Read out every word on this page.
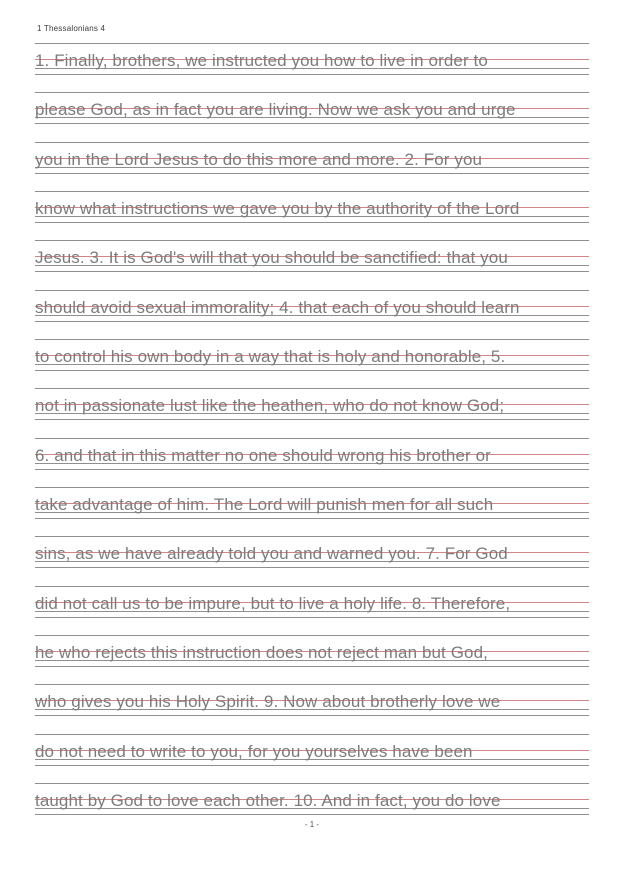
1 Thessalonians 4
1. Finally, brothers, we instructed you how to live in order to
please God, as in fact you are living. Now we ask you and urge
you in the Lord Jesus to do this more and more. 2. For you
know what instructions we gave you by the authority of the Lord
Jesus. 3. It is God's will that you should be sanctified: that you
should avoid sexual immorality; 4. that each of you should learn
to control his own body in a way that is holy and honorable, 5.
not in passionate lust like the heathen, who do not know God;
6. and that in this matter no one should wrong his brother or
take advantage of him. The Lord will punish men for all such
sins, as we have already told you and warned you. 7. For God
did not call us to be impure, but to live a holy life. 8. Therefore,
he who rejects this instruction does not reject man but God,
who gives you his Holy Spirit. 9. Now about brotherly love we
do not need to write to you, for you yourselves have been
taught by God to love each other. 10. And in fact, you do love
- 1 -
